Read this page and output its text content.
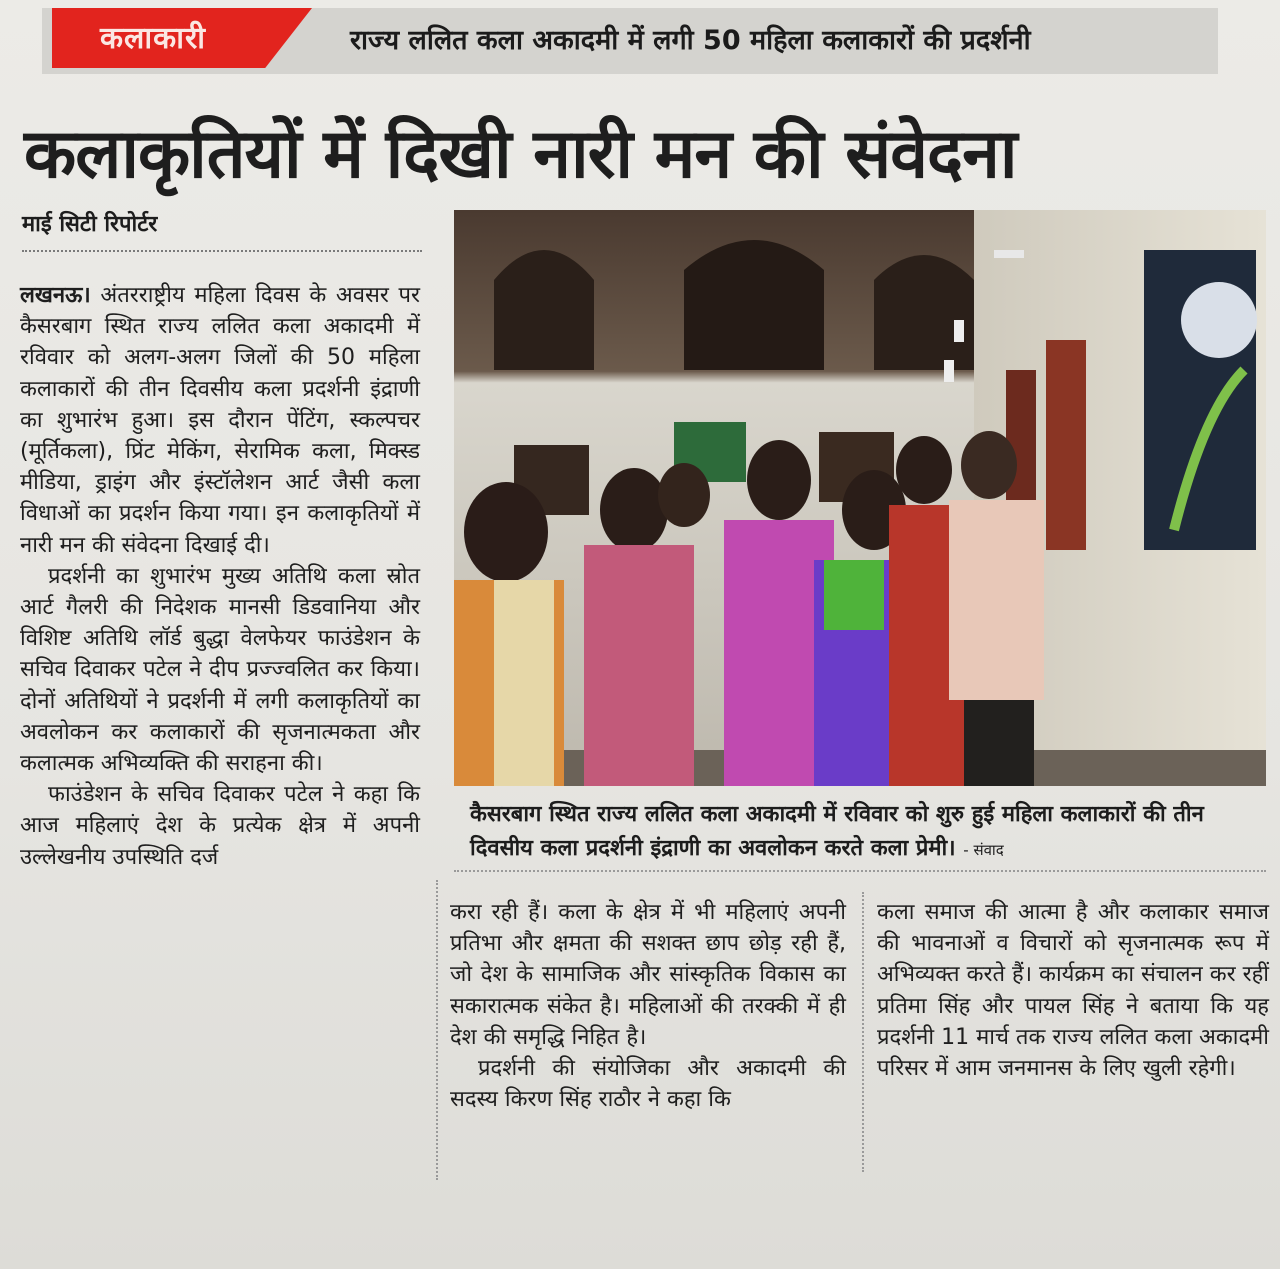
कलाकारी	राज्य ललित कला अकादमी में लगी 50 महिला कलाकारों की प्रदर्शनी
कलाकृतियों में दिखी नारी मन की संवेदना
माई सिटी रिपोर्टर

लखनऊ। अंतरराष्ट्रीय महिला दिवस के अवसर पर कैसरबाग स्थित राज्य ललित कला अकादमी में रविवार को अलग-अलग जिलों की 50 महिला कलाकारों की तीन दिवसीय कला प्रदर्शनी इंद्राणी का शुभारंभ हुआ। इस दौरान पेंटिंग, स्कल्पचर (मूर्तिकला), प्रिंट मेकिंग, सेरामिक कला, मिक्स्ड मीडिया, ड्राइंग और इंस्टॉलेशन आर्ट जैसी कला विधाओं का प्रदर्शन किया गया। इन कलाकृतियों में नारी मन की संवेदना दिखाई दी।

प्रदर्शनी का शुभारंभ मुख्य अतिथि कला स्रोत आर्ट गैलरी की निदेशक मानसी डिडवानिया और विशिष्ट अतिथि लॉर्ड बुद्धा वेलफेयर फाउंडेशन के सचिव दिवाकर पटेल ने दीप प्रज्ज्वलित कर किया। दोनों अतिथियों ने प्रदर्शनी में लगी कलाकृतियों का अवलोकन कर कलाकारों की सृजनात्मकता और कलात्मक अभिव्यक्ति की सराहना की।

फाउंडेशन के सचिव दिवाकर पटेल ने कहा कि आज महिलाएं देश के प्रत्येक क्षेत्र में अपनी उल्लेखनीय उपस्थिति दर्ज

कैसरबाग स्थित राज्य ललित कला अकादमी में रविवार को शुरु हुई महिला कलाकारों की तीन दिवसीय कला प्रदर्शनी इंद्राणी का अवलोकन करते कला प्रेमी। - संवाद

करा रही हैं। कला के क्षेत्र में भी महिलाएं अपनी प्रतिभा और क्षमता की सशक्त छाप छोड़ रही हैं, जो देश के सामाजिक और सांस्कृतिक विकास का सकारात्मक संकेत है। महिलाओं की तरक्की में ही देश की समृद्धि निहित है।

प्रदर्शनी की संयोजिका और अकादमी की सदस्य किरण सिंह राठौर ने कहा कि

कला समाज की आत्मा है और कलाकार समाज की भावनाओं व विचारों को सृजनात्मक रूप में अभिव्यक्त करते हैं। कार्यक्रम का संचालन कर रहीं प्रतिमा सिंह और पायल सिंह ने बताया कि यह प्रदर्शनी 11 मार्च तक राज्य ललित कला अकादमी परिसर में आम जनमानस के लिए खुली रहेगी।
